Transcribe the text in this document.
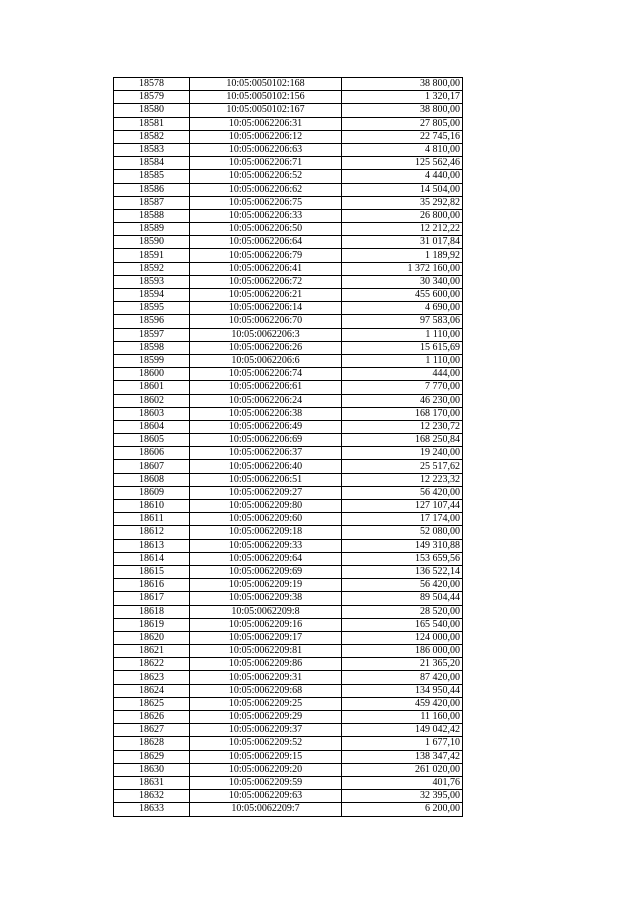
18578	10:05:0050102:168	38 800,00
18579	10:05:0050102:156	1 320,17
18580	10:05:0050102:167	38 800,00
18581	10:05:0062206:31	27 805,00
18582	10:05:0062206:12	22 745,16
18583	10:05:0062206:63	4 810,00
18584	10:05:0062206:71	125 562,46
18585	10:05:0062206:52	4 440,00
18586	10:05:0062206:62	14 504,00
18587	10:05:0062206:75	35 292,82
18588	10:05:0062206:33	26 800,00
18589	10:05:0062206:50	12 212,22
18590	10:05:0062206:64	31 017,84
18591	10:05:0062206:79	1 189,92
18592	10:05:0062206:41	1 372 160,00
18593	10:05:0062206:72	30 340,00
18594	10:05:0062206:21	455 600,00
18595	10:05:0062206:14	4 690,00
18596	10:05:0062206:70	97 583,06
18597	10:05:0062206:3	1 110,00
18598	10:05:0062206:26	15 615,69
18599	10:05:0062206:6	1 110,00
18600	10:05:0062206:74	444,00
18601	10:05:0062206:61	7 770,00
18602	10:05:0062206:24	46 230,00
18603	10:05:0062206:38	168 170,00
18604	10:05:0062206:49	12 230,72
18605	10:05:0062206:69	168 250,84
18606	10:05:0062206:37	19 240,00
18607	10:05:0062206:40	25 517,62
18608	10:05:0062206:51	12 223,32
18609	10:05:0062209:27	56 420,00
18610	10:05:0062209:80	127 107,44
18611	10:05:0062209:60	17 174,00
18612	10:05:0062209:18	52 080,00
18613	10:05:0062209:33	149 310,88
18614	10:05:0062209:64	153 659,56
18615	10:05:0062209:69	136 522,14
18616	10:05:0062209:19	56 420,00
18617	10:05:0062209:38	89 504,44
18618	10:05:0062209:8	28 520,00
18619	10:05:0062209:16	165 540,00
18620	10:05:0062209:17	124 000,00
18621	10:05:0062209:81	186 000,00
18622	10:05:0062209:86	21 365,20
18623	10:05:0062209:31	87 420,00
18624	10:05:0062209:68	134 950,44
18625	10:05:0062209:25	459 420,00
18626	10:05:0062209:29	11 160,00
18627	10:05:0062209:37	149 042,42
18628	10:05:0062209:52	1 677,10
18629	10:05:0062209:15	138 347,42
18630	10:05:0062209:20	261 020,00
18631	10:05:0062209:59	401,76
18632	10:05:0062209:63	32 395,00
18633	10:05:0062209:7	6 200,00
